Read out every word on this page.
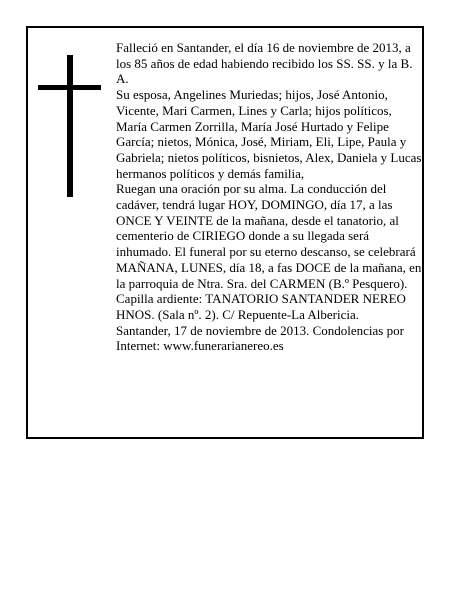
Falleció en Santander, el día 16 de noviembre de 2013, a los 85 años de edad habiendo recibido los SS. SS. y la B. A.

Su esposa, Angelines Muriedas; hijos, José Antonio, Vicente, Mari Carmen, Lines y Carla; hijos políticos, María Carmen Zorrilla, María José Hurtado y Felipe García; nietos, Mónica, José, Miriam, Eli, Lipe, Paula y Gabriela; nietos políticos, bisnietos, Alex, Daniela y Lucas; hermanos políticos y demás familia,

Ruegan una oración por su alma. La conducción del cadáver, tendrá lugar HOY, DOMINGO, día 17, a las ONCE Y VEINTE de la mañana, desde el tanatorio, al cementerio de CIRIEGO donde a su llegada será inhumado. El funeral por su eterno descanso, se celebrará MAÑANA, LUNES, día 18, a fas DOCE de la mañana, en la parroquia de Ntra. Sra. del CARMEN (B.º Pesquero). Capilla ardiente: TANATORIO SANTANDER NEREO HNOS. (Sala nº. 2). C/ Repuente-La Albericia.

Santander, 17 de noviembre de 2013. Condolencias por Internet: www.funerarianereo.es
